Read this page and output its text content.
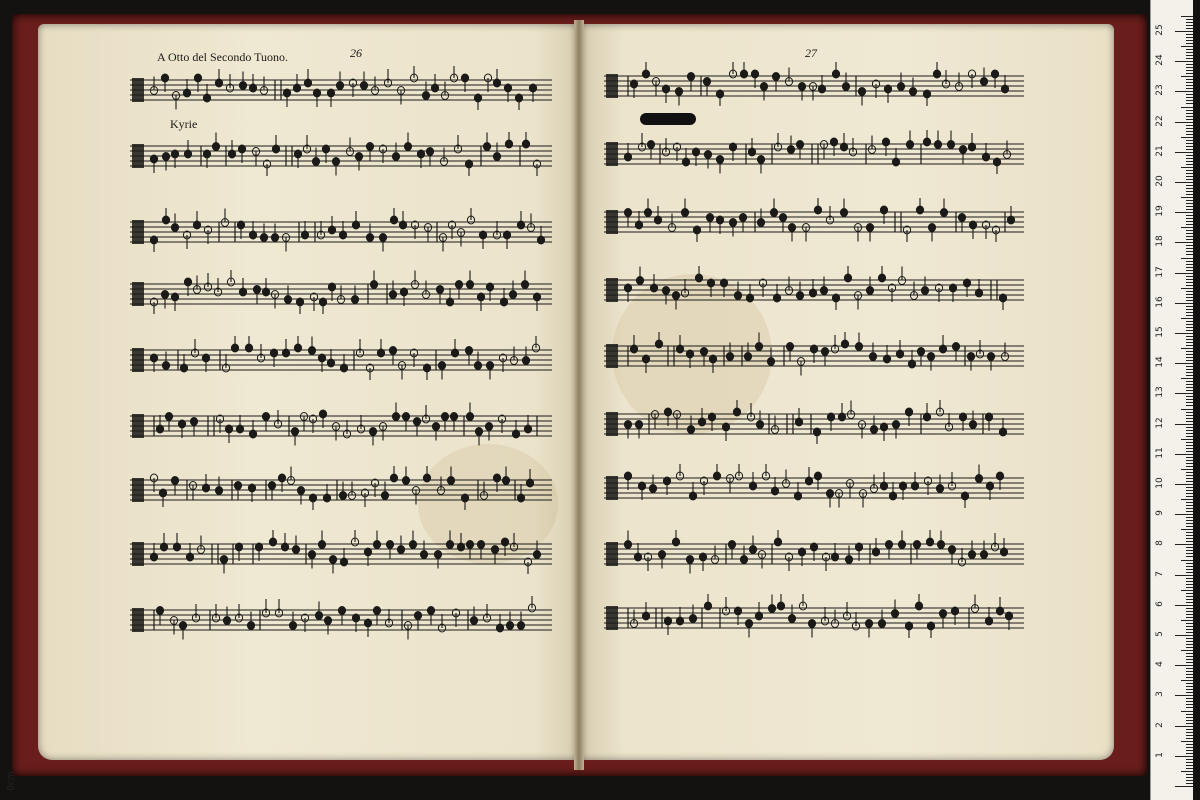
A Otto del Secondo Tuono.	26	27
Kyrie
1
2
3
4
5
6
7
8
9
10
11
12
13
14
15
16
17
18
19
20
21
22
23
24
25
0cm
